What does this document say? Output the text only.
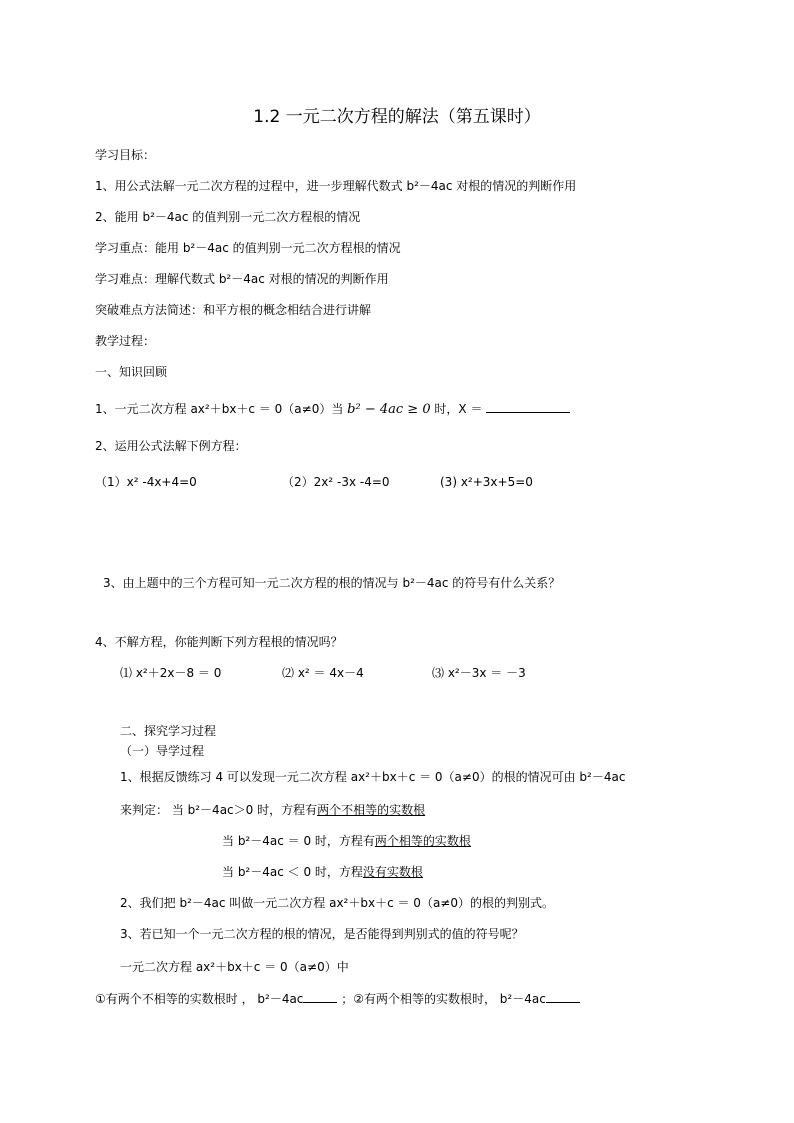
1.2 一元二次方程的解法（第五课时）
学习目标：
1、用公式法解一元二次方程的过程中，进一步理解代数式 b²－4ac 对根的情况的判断作用
2、能用 b²－4ac 的值判别一元二次方程根的情况
学习重点：能用 b²－4ac 的值判别一元二次方程根的情况
学习难点：理解代数式 b²－4ac 对根的情况的判断作用
突破难点方法简述：和平方根的概念相结合进行讲解
教学过程：
一、知识回顾
1、一元二次方程 ax²＋bx＋c ＝ 0（a≠0）当 b² − 4ac ≥ 0 时，X ＝
2、运用公式法解下例方程：
（1）x² -4x+4=0	（2）2x² -3x -4=0	(3) x²+3x+5=0
3、由上题中的三个方程可知一元二次方程的根的情况与 b²－4ac 的符号有什么关系？
4、不解方程，你能判断下列方程根的情况吗？
⑴ x²＋2x－8 ＝ 0	⑵ x² ＝ 4x－4	⑶ x²－3x ＝ －3
二、探究学习过程
（一）导学过程
1、根据反馈练习 4 可以发现一元二次方程 ax²＋bx＋c ＝ 0（a≠0）的根的情况可由 b²－4ac
来判定： 当 b²－4ac＞0 时，方程有两个不相等的实数根
当 b²－4ac ＝ 0 时，方程有两个相等的实数根
当 b²－4ac ＜ 0 时，方程没有实数根
2、我们把 b²－4ac 叫做一元二次方程 ax²＋bx＋c ＝ 0（a≠0）的根的判别式。
3、若已知一个一元二次方程的根的情况，是否能得到判别式的值的符号呢？
一元二次方程 ax²＋bx＋c ＝ 0（a≠0）中
①有两个不相等的实数根时 ， b²－4ac	；②有两个相等的实数根时， b²－4ac
